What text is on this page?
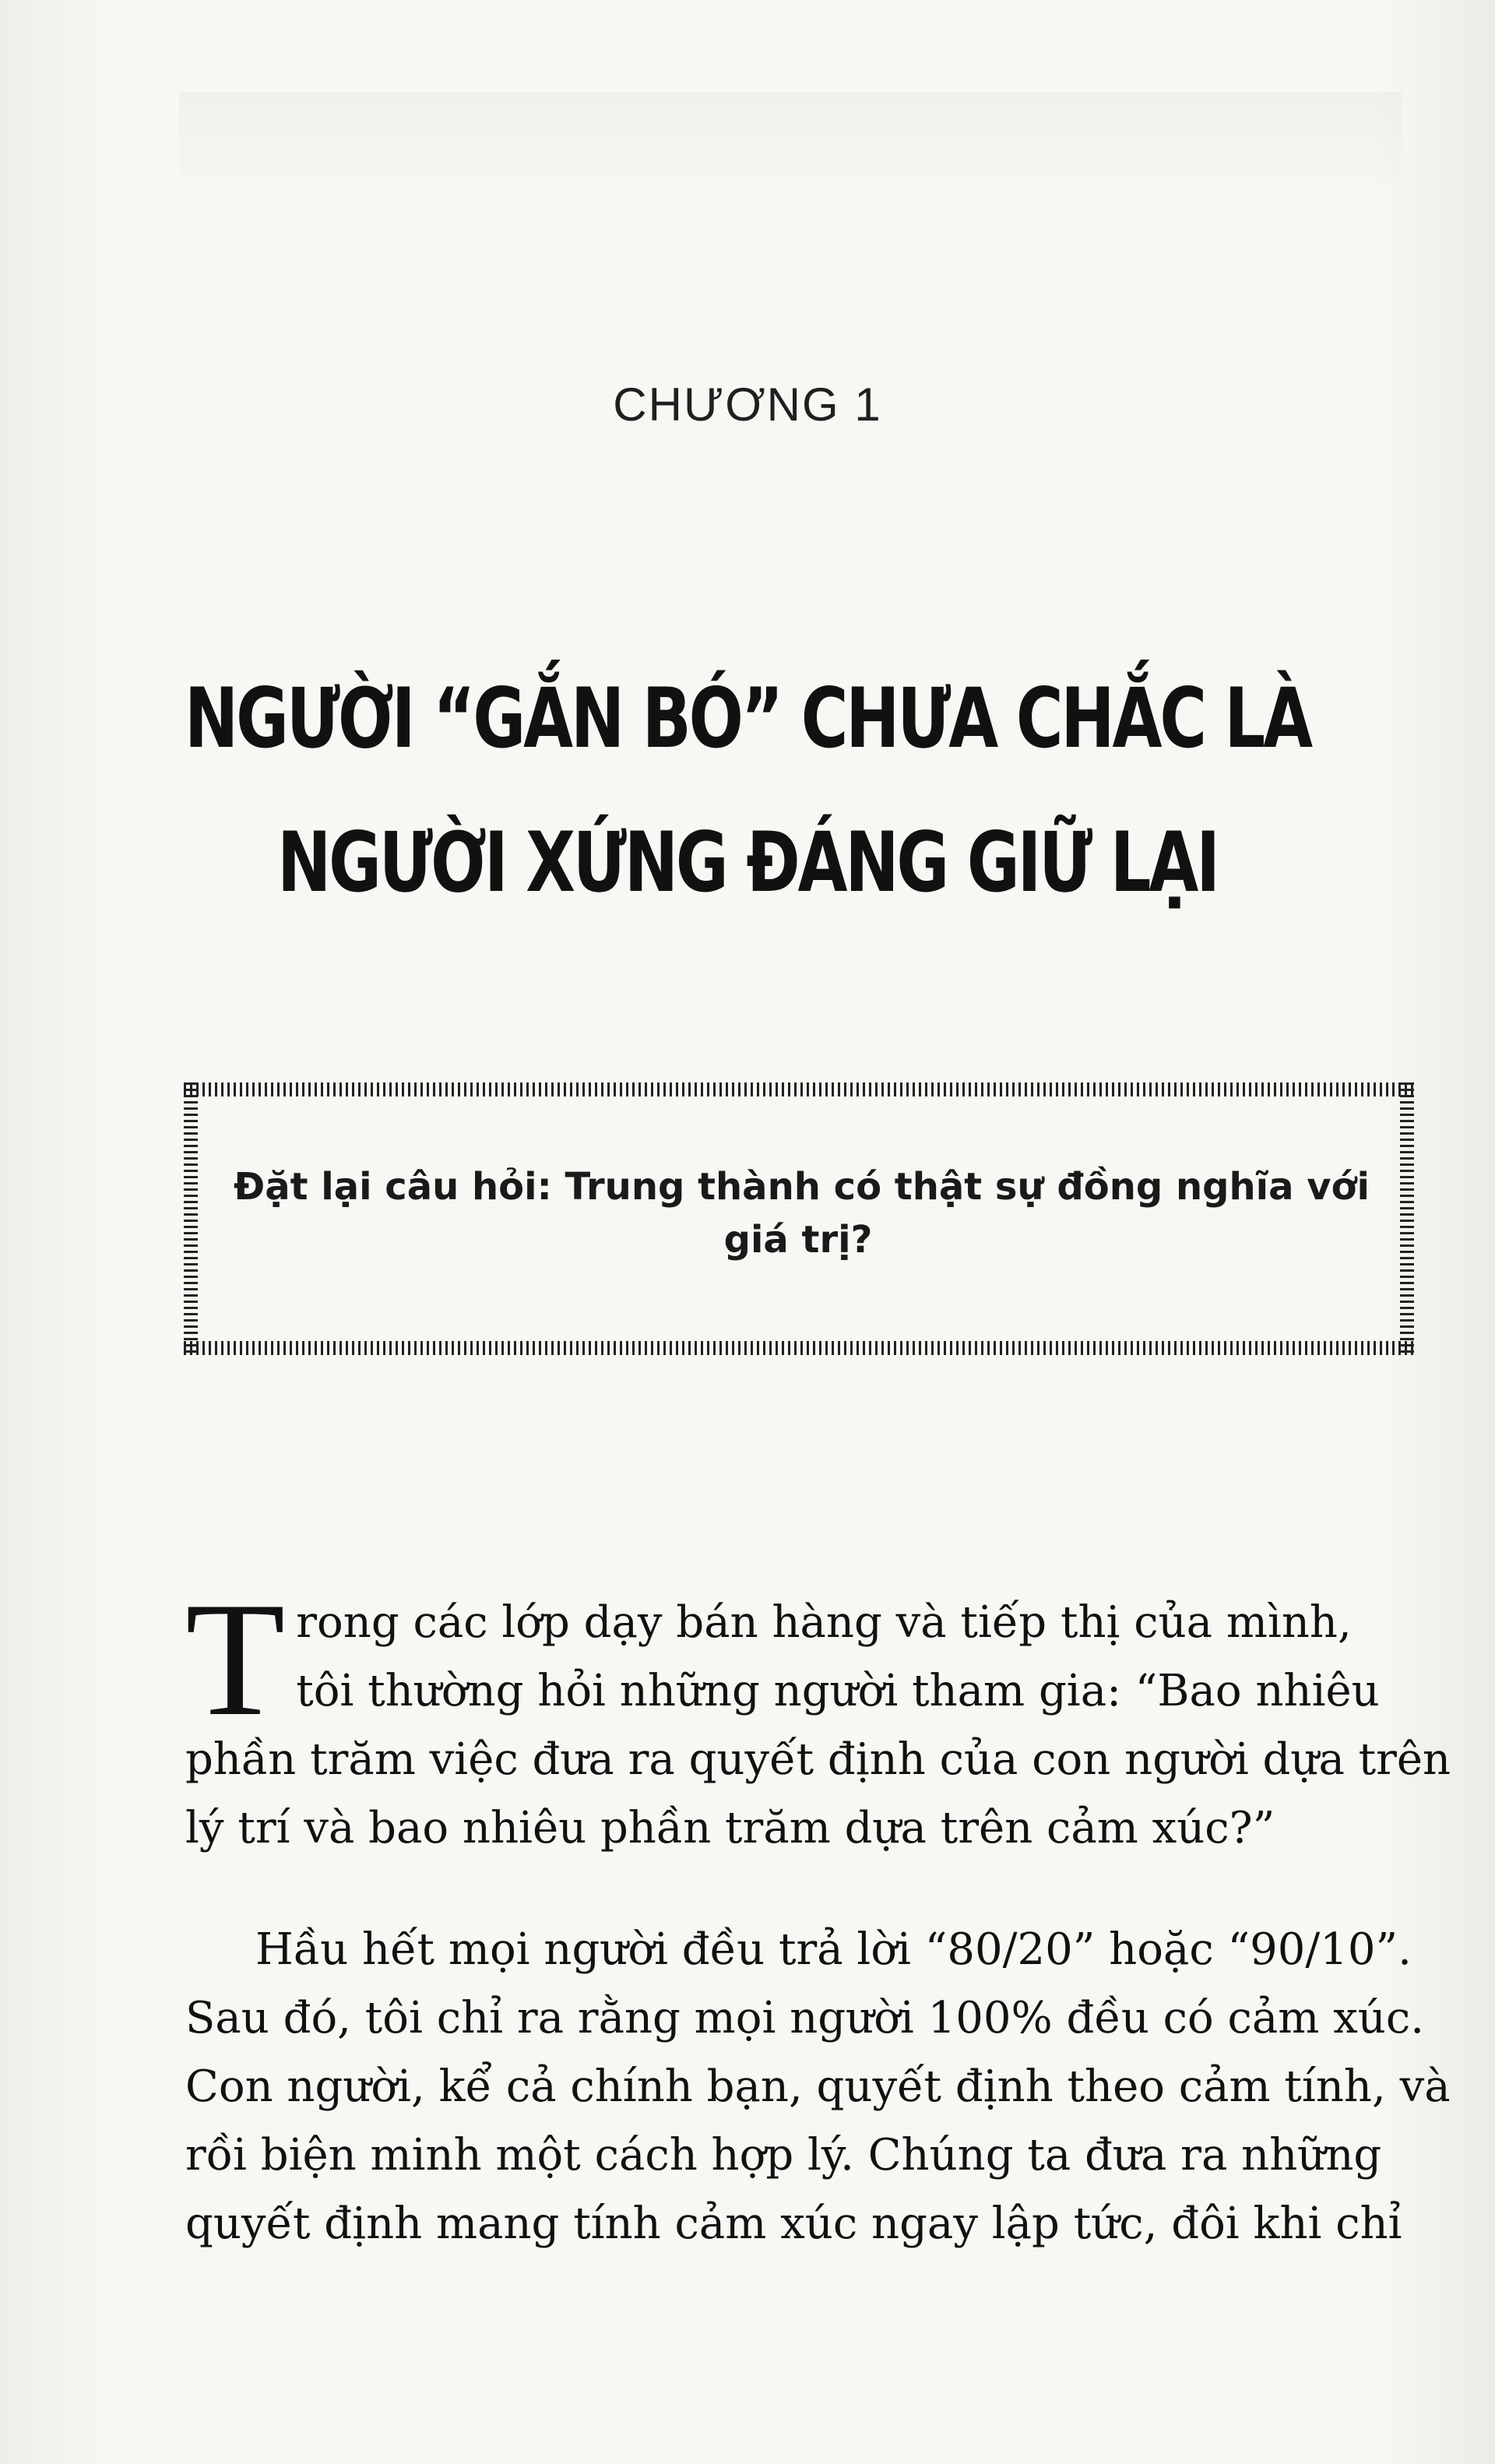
CHƯƠNG 1
NGƯỜI “GẮN BÓ” CHƯA CHẮC LÀ
NGƯỜI XỨNG ĐÁNG GIỮ LẠI
Đặt lại câu hỏi: Trung thành có thật sự đồng nghĩa với
giá trị?
T rong các lớp dạy bán hàng và tiếp thị của mình,
tôi thường hỏi những người tham gia: “Bao nhiêu
phần trăm việc đưa ra quyết định của con người dựa trên
lý trí và bao nhiêu phần trăm dựa trên cảm xúc?”
Hầu hết mọi người đều trả lời “80/20” hoặc “90/10”.
Sau đó, tôi chỉ ra rằng mọi người 100% đều có cảm xúc.
Con người, kể cả chính bạn, quyết định theo cảm tính, và
rồi biện minh một cách hợp lý. Chúng ta đưa ra những
quyết định mang tính cảm xúc ngay lập tức, đôi khi chỉ
